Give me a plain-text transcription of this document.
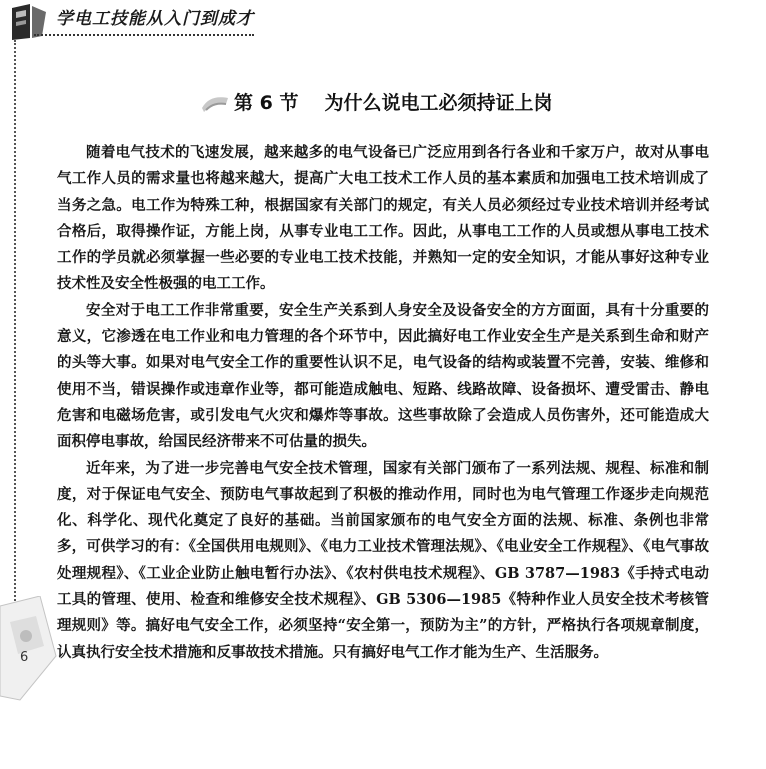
学电工技能从入门到成才
第 6 节 为什么说电工必须持证上岗

随着电气技术的飞速发展，越来越多的电气设备已广泛应用到各行各业和千家万户，故对从事电气工作人员的需求量也将越来越大，提高广大电工技术工作人员的基本素质和加强电工技术培训成了当务之急。电工作为特殊工种，根据国家有关部门的规定，有关人员必须经过专业技术培训并经考试合格后，取得操作证，方能上岗，从事专业电工工作。因此，从事电工工作的人员或想从事电工技术工作的学员就必须掌握一些必要的专业电工技术技能，并熟知一定的安全知识，才能从事好这种专业技术性及安全性极强的电工工作。

安全对于电工工作非常重要，安全生产关系到人身安全及设备安全的方方面面，具有十分重要的意义，它渗透在电工作业和电力管理的各个环节中，因此搞好电工作业安全生产是关系到生命和财产的头等大事。如果对电气安全工作的重要性认识不足，电气设备的结构或装置不完善，安装、维修和使用不当，错误操作或违章作业等，都可能造成触电、短路、线路故障、设备损坏、遭受雷击、静电危害和电磁场危害，或引发电气火灾和爆炸等事故。这些事故除了会造成人员伤害外，还可能造成大面积停电事故，给国民经济带来不可估量的损失。

近年来，为了进一步完善电气安全技术管理，国家有关部门颁布了一系列法规、规程、标准和制度，对于保证电气安全、预防电气事故起到了积极的推动作用，同时也为电气管理工作逐步走向规范化、科学化、现代化奠定了良好的基础。当前国家颁布的电气安全方面的法规、标准、条例也非常多，可供学习的有：《全国供用电规则》、《电力工业技术管理法规》、《电业安全工作规程》、《电气事故处理规程》、《工业企业防止触电暂行办法》、《农村供电技术规程》、GB 3787—1983《手持式电动工具的管理、使用、检查和维修安全技术规程》、GB 5306—1985《特种作业人员安全技术考核管理规则》等。搞好电气安全工作，必须坚持“安全第一，预防为主”的方针，严格执行各项规章制度，认真执行安全技术措施和反事故技术措施。只有搞好电气工作才能为生产、生活服务。

6
